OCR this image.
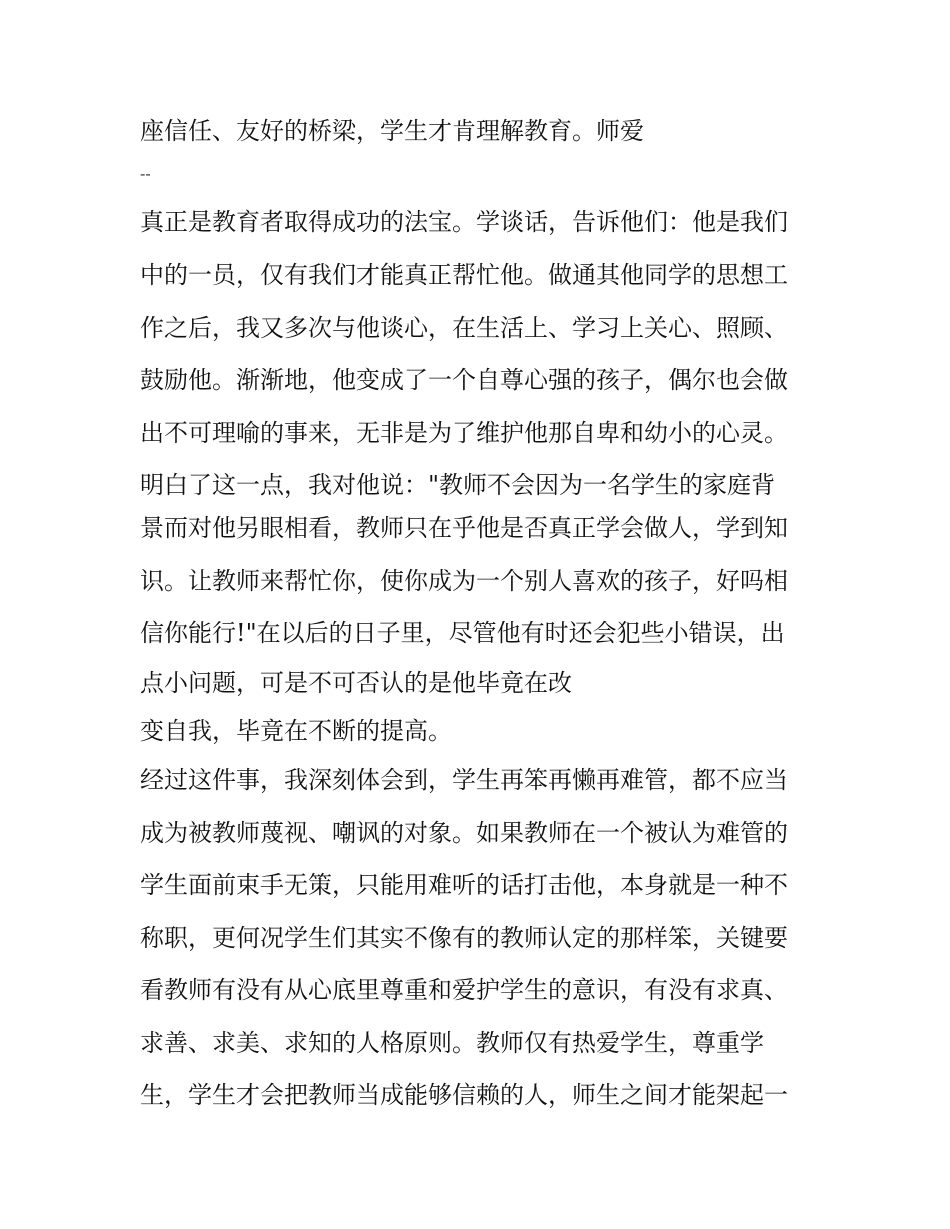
座信任、友好的桥梁，学生才肯理解教育。师爱

--

真正是教育者取得成功的法宝。学谈话，告诉他们：他是我们

中的一员，仅有我们才能真正帮忙他。做通其他同学的思想工

作之后，我又多次与他谈心，在生活上、学习上关心、照顾、

鼓励他。渐渐地，他变成了一个自尊心强的孩子，偶尔也会做

出不可理喻的事来，无非是为了维护他那自卑和幼小的心灵。

明白了这一点，我对他说："教师不会因为一名学生的家庭背

景而对他另眼相看，教师只在乎他是否真正学会做人，学到知

识。让教师来帮忙你，使你成为一个别人喜欢的孩子，好吗相

信你能行!"在以后的日子里，尽管他有时还会犯些小错误，出

点小问题，可是不可否认的是他毕竟在改

变自我，毕竟在不断的提高。

经过这件事，我深刻体会到，学生再笨再懒再难管，都不应当

成为被教师蔑视、嘲讽的对象。如果教师在一个被认为难管的

学生面前束手无策，只能用难听的话打击他，本身就是一种不

称职，更何况学生们其实不像有的教师认定的那样笨，关键要

看教师有没有从心底里尊重和爱护学生的意识，有没有求真、

求善、求美、求知的人格原则。教师仅有热爱学生，尊重学

生，学生才会把教师当成能够信赖的人，师生之间才能架起一
